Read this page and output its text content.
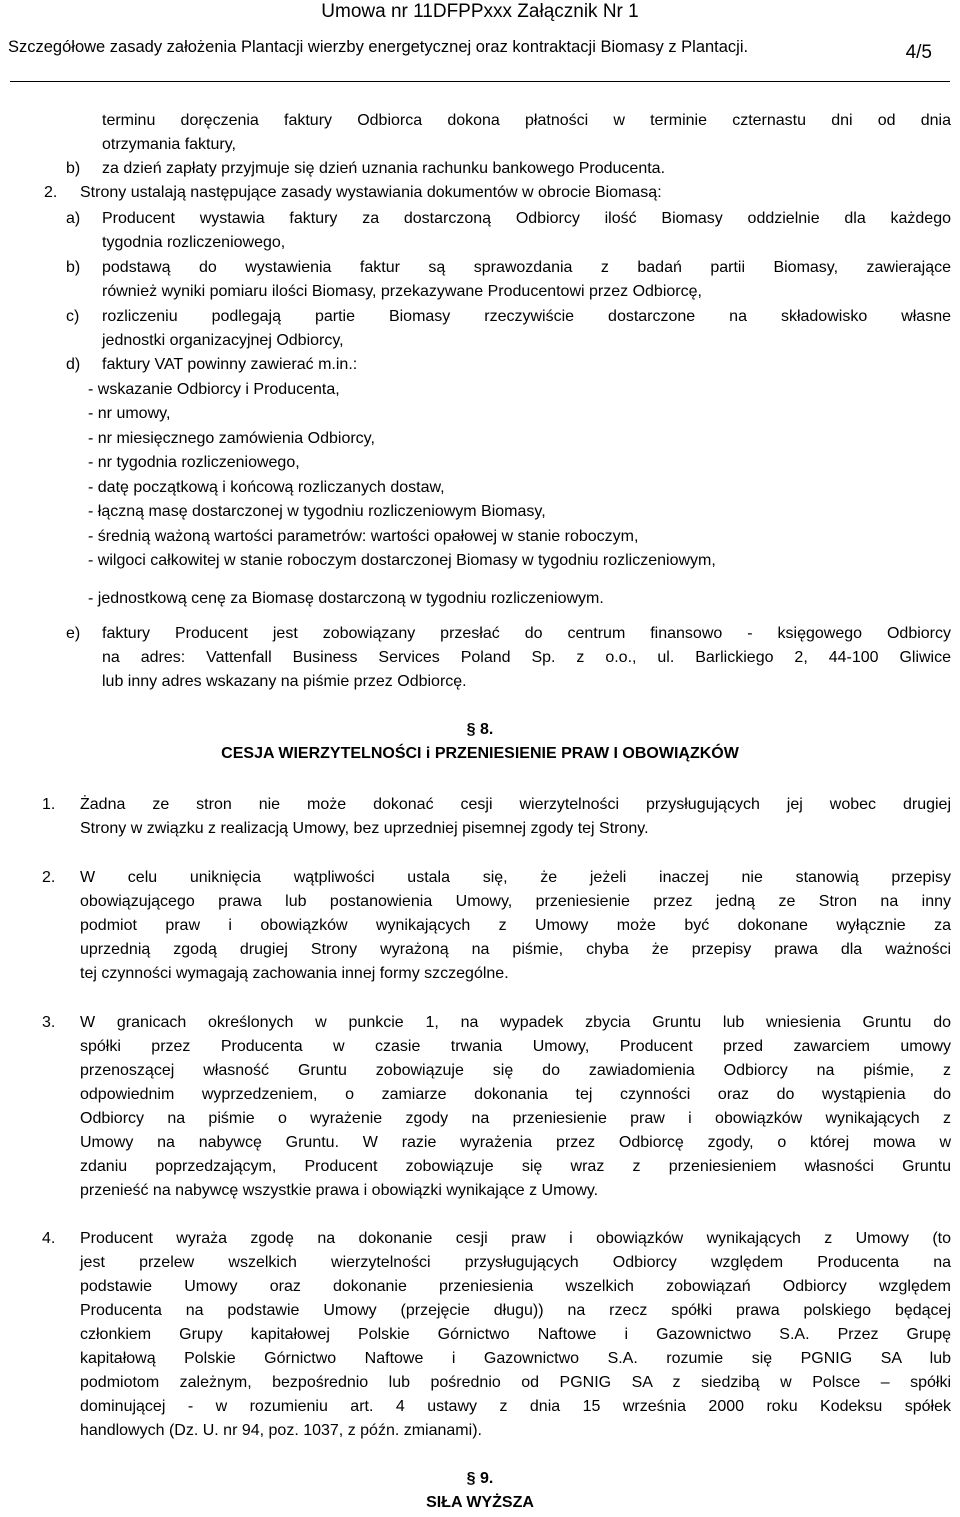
Umowa nr 11DFPPxxx Załącznik Nr 1
Szczegółowe zasady założenia Plantacji wierzby energetycznej oraz kontraktacji Biomasy z Plantacji.	4/5
terminu doręczenia faktury Odbiorca dokona płatności w terminie czternastu dni od dnia
otrzymania faktury,
b) za dzień zapłaty przyjmuje się dzień uznania rachunku bankowego Producenta.
2. Strony ustalają następujące zasady wystawiania dokumentów w obrocie Biomasą:
a) Producent wystawia faktury za dostarczoną Odbiorcy ilość Biomasy oddzielnie dla każdego
tygodnia rozliczeniowego,
b) podstawą do wystawienia faktur są sprawozdania z badań partii Biomasy, zawierające
również wyniki pomiaru ilości Biomasy, przekazywane Producentowi przez Odbiorcę,
c) rozliczeniu podlegają partie Biomasy rzeczywiście dostarczone na składowisko własne
jednostki organizacyjnej Odbiorcy,
d) faktury VAT powinny zawierać m.in.:
- wskazanie Odbiorcy i Producenta,
- nr umowy,
- nr miesięcznego zamówienia Odbiorcy,
- nr tygodnia rozliczeniowego,
- datę początkową i końcową rozliczanych dostaw,
- łączną masę dostarczonej w tygodniu rozliczeniowym Biomasy,
- średnią ważoną wartości parametrów: wartości opałowej w stanie roboczym,
- wilgoci całkowitej w stanie roboczym dostarczonej Biomasy w tygodniu rozliczeniowym,
- jednostkową cenę za Biomasę dostarczoną w tygodniu rozliczeniowym.
e) faktury Producent jest zobowiązany przesłać do centrum finansowo - księgowego Odbiorcy
na adres: Vattenfall Business Services Poland Sp. z o.o., ul. Barlickiego 2, 44-100 Gliwice
lub inny adres wskazany na piśmie przez Odbiorcę.
§ 8.
CESJA WIERZYTELNOŚCI i PRZENIESIENIE PRAW I OBOWIĄZKÓW
1. Żadna ze stron nie może dokonać cesji wierzytelności przysługujących jej wobec drugiej
Strony w związku z realizacją Umowy, bez uprzedniej pisemnej zgody tej Strony.
2. W celu uniknięcia wątpliwości ustala się, że jeżeli inaczej nie stanowią przepisy
obowiązującego prawa lub postanowienia Umowy, przeniesienie przez jedną ze Stron na inny
podmiot praw i obowiązków wynikających z Umowy może być dokonane wyłącznie za
uprzednią zgodą drugiej Strony wyrażoną na piśmie, chyba że przepisy prawa dla ważności
tej czynności wymagają zachowania innej formy szczególne.
3. W granicach określonych w punkcie 1, na wypadek zbycia Gruntu lub wniesienia Gruntu do
spółki przez Producenta w czasie trwania Umowy, Producent przed zawarciem umowy
przenoszącej własność Gruntu zobowiązuje się do zawiadomienia Odbiorcy na piśmie, z
odpowiednim wyprzedzeniem, o zamiarze dokonania tej czynności oraz do wystąpienia do
Odbiorcy na piśmie o wyrażenie zgody na przeniesienie praw i obowiązków wynikających z
Umowy na nabywcę Gruntu. W razie wyrażenia przez Odbiorcę zgody, o której mowa w
zdaniu poprzedzającym, Producent zobowiązuje się wraz z przeniesieniem własności Gruntu
przenieść na nabywcę wszystkie prawa i obowiązki wynikające z Umowy.
4. Producent wyraża zgodę na dokonanie cesji praw i obowiązków wynikających z Umowy (to
jest przelew wszelkich wierzytelności przysługujących Odbiorcy względem Producenta na
podstawie Umowy oraz dokonanie przeniesienia wszelkich zobowiązań Odbiorcy względem
Producenta na podstawie Umowy (przejęcie długu)) na rzecz spółki prawa polskiego będącej
członkiem Grupy kapitałowej Polskie Górnictwo Naftowe i Gazownictwo S.A. Przez Grupę
kapitałową Polskie Górnictwo Naftowe i Gazownictwo S.A. rozumie się PGNIG SA lub
podmiotom zależnym, bezpośrednio lub pośrednio od PGNIG SA z siedzibą w Polsce – spółki
dominującej - w rozumieniu art. 4 ustawy z dnia 15 września 2000 roku Kodeksu spółek
handlowych (Dz. U. nr 94, poz. 1037, z późn. zmianami).
§ 9.
SIŁA WYŻSZA
